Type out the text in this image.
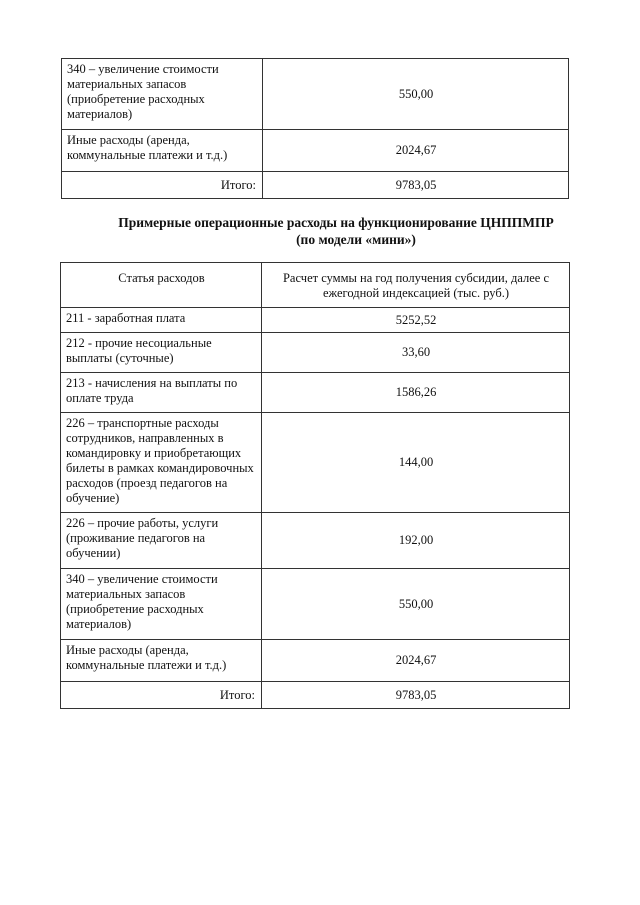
340 – увеличение стоимости материальных запасов (приобретение расходных материалов)	550,00
Иные расходы (аренда, коммунальные платежи и т.д.)	2024,67
Итого:	9783,05
Примерные операционные расходы на функционирование ЦНППМПР
(по модели «мини»)
Статья расходов	Расчет суммы на год получения субсидии, далее с ежегодной индексацией (тыс. руб.)
211 - заработная плата	5252,52
212 - прочие несоциальные выплаты (суточные)	33,60
213 - начисления на выплаты по оплате труда	1586,26
226 – транспортные расходы сотрудников, направленных в командировку и приобретающих билеты в рамках командировочных расходов (проезд педагогов на обучение)	144,00
226 – прочие работы, услуги (проживание педагогов на обучении)	192,00
340 – увеличение стоимости материальных запасов (приобретение расходных материалов)	550,00
Иные расходы (аренда, коммунальные платежи и т.д.)	2024,67
Итого:	9783,05
